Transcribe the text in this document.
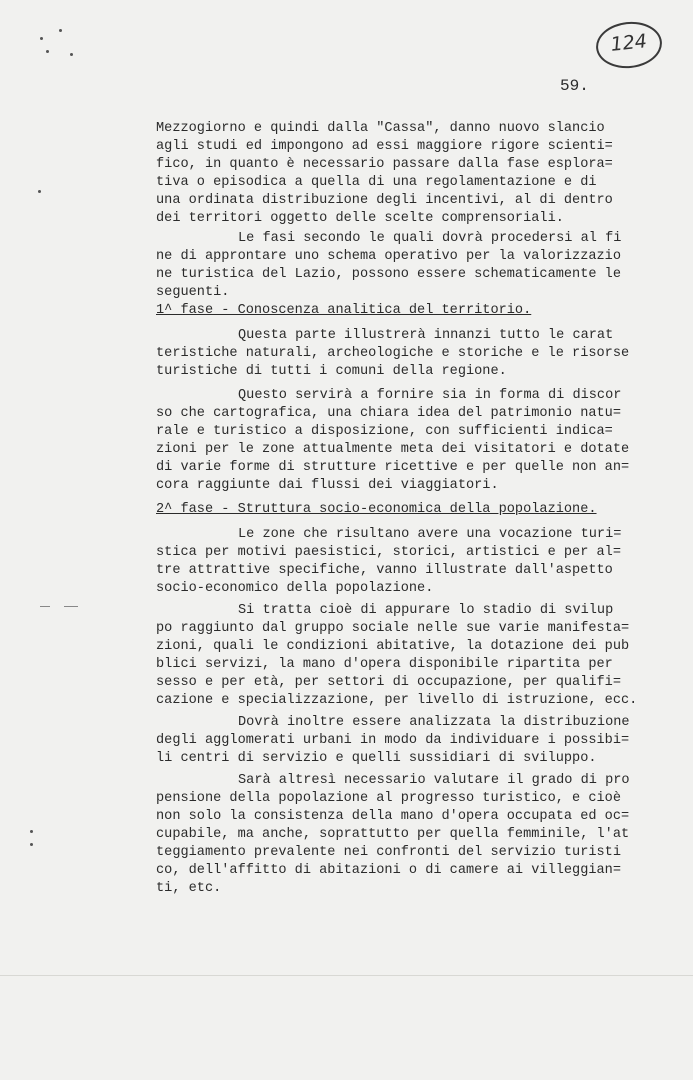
124
59.
Mezzogiorno e quindi dalla "Cassa", danno nuovo slancio
agli studi ed impongono ad essi maggiore rigore scienti=
fico, in quanto è necessario passare dalla fase esplora=
tiva o episodica a quella di una regolamentazione e di
una ordinata distribuzione degli incentivi, al di dentro
dei territori oggetto delle scelte comprensoriali.
Le fasi secondo le quali dovrà procedersi al fi
ne di approntare uno schema operativo per la valorizzazio
ne turistica del Lazio, possono essere schematicamente le
seguenti.
1^ fase - Conoscenza analitica del territorio.
Questa parte illustrerà innanzi tutto le carat
teristiche naturali, archeologiche e storiche e le risorse
turistiche di tutti i comuni della regione.
Questo servirà a fornire sia in forma di discor
so che cartografica, una chiara idea del patrimonio natu=
rale e turistico a disposizione, con sufficienti indica=
zioni per le zone attualmente meta dei visitatori e dotate
di varie forme di strutture ricettive e per quelle non an=
cora raggiunte dai flussi dei viaggiatori.
2^ fase - Struttura socio-economica della popolazione.
Le zone che risultano avere una vocazione turi=
stica per motivi paesistici, storici, artistici e per al=
tre attrattive specifiche, vanno illustrate dall'aspetto
socio-economico della popolazione.
Si tratta cioè di appurare lo stadio di svilup
po raggiunto dal gruppo sociale nelle sue varie manifesta=
zioni, quali le condizioni abitative, la dotazione dei pub
blici servizi, la mano d'opera disponibile ripartita per
sesso e per età, per settori di occupazione, per qualifi=
cazione e specializzazione, per livello di istruzione, ecc.
Dovrà inoltre essere analizzata la distribuzione
degli agglomerati urbani in modo da individuare i possibi=
li centri di servizio e quelli sussidiari di sviluppo.
Sarà altresì necessario valutare il grado di pro
pensione della popolazione al progresso turistico, e cioè
non solo la consistenza della mano d'opera occupata ed oc=
cupabile, ma anche, soprattutto per quella femminile, l'at
teggiamento prevalente nei confronti del servizio turisti
co, dell'affitto di abitazioni o di camere ai villeggian=
ti, etc.
